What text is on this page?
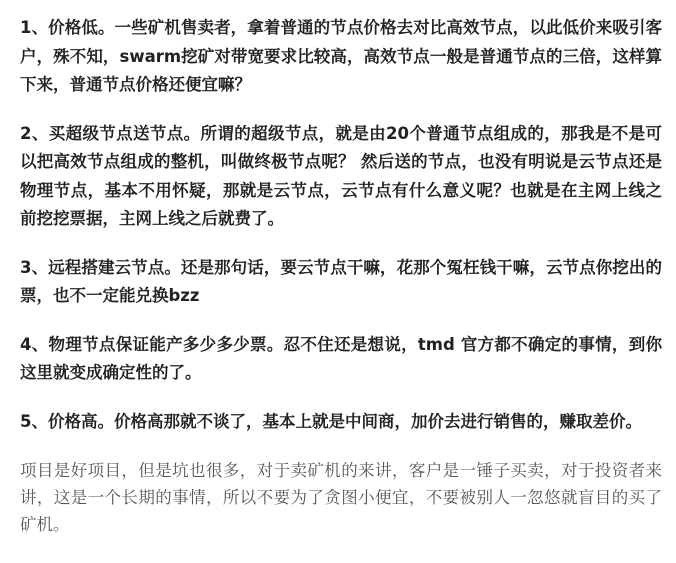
1、价格低。一些矿机售卖者，拿着普通的节点价格去对比高效节点，以此低价来吸引客户，殊不知，swarm挖矿对带宽要求比较高，高效节点一般是普通节点的三倍，这样算下来，普通节点价格还便宜嘛？

2、买超级节点送节点。所谓的超级节点，就是由20个普通节点组成的，那我是不是可以把高效节点组成的整机，叫做终极节点呢？ 然后送的节点，也没有明说是云节点还是物理节点，基本不用怀疑，那就是云节点，云节点有什么意义呢？也就是在主网上线之前挖挖票据，主网上线之后就费了。

3、远程搭建云节点。还是那句话，要云节点干嘛，花那个冤枉钱干嘛，云节点你挖出的票，也不一定能兑换bzz

4、物理节点保证能产多少多少票。忍不住还是想说，tmd 官方都不确定的事情，到你这里就变成确定性的了。

5、价格高。价格高那就不谈了，基本上就是中间商，加价去进行销售的，赚取差价。

项目是好项目，但是坑也很多，对于卖矿机的来讲，客户是一锤子买卖，对于投资者来讲，这是一个长期的事情，所以不要为了贪图小便宜，不要被别人一忽悠就盲目的买了矿机。
